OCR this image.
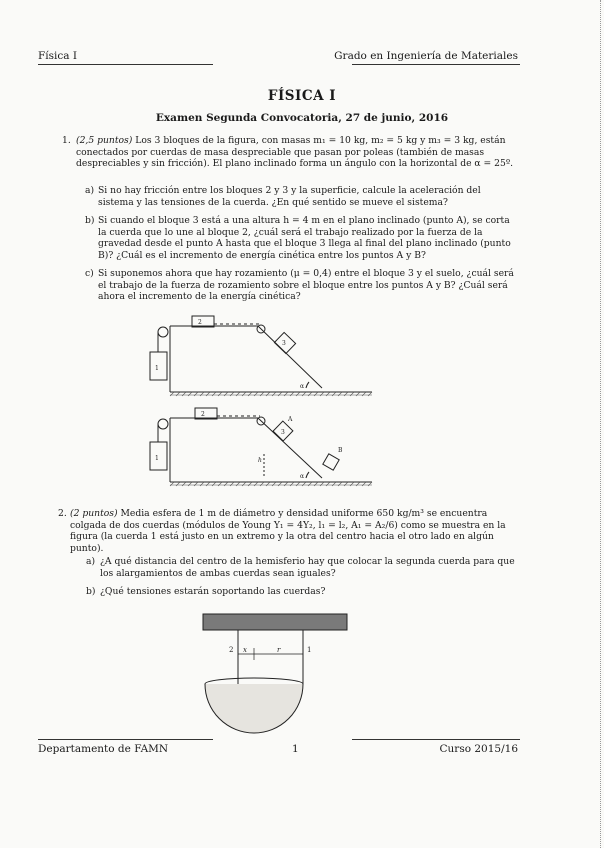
Física I	Grado en Ingeniería de Materiales
FÍSICA I
Examen Segunda Convocatoria, 27 de junio, 2016
1. (2,5 puntos) Los 3 bloques de la figura, con masas m₁ = 10 kg, m₂ = 5 kg y m₃ = 3 kg, están conectados por cuerdas de masa despreciable que pasan por poleas (también de masas despreciables y sin fricción). El plano inclinado forma un ángulo con la horizontal de α = 25º.
a) Si no hay fricción entre los bloques 2 y 3 y la superficie, calcule la aceleración del sistema y las tensiones de la cuerda. ¿En qué sentido se mueve el sistema?
b) Si cuando el bloque 3 está a una altura h = 4 m en el plano inclinado (punto A), se corta la cuerda que lo une al bloque 2, ¿cuál será el trabajo realizado por la fuerza de la gravedad desde el punto A hasta que el bloque 3 llega al final del plano inclinado (punto B)? ¿Cuál es el incremento de energía cinética entre los puntos A y B?
c) Si suponemos ahora que hay rozamiento (μ = 0,4) entre el bloque 3 y el suelo, ¿cuál será el trabajo de la fuerza de rozamiento sobre el bloque entre los puntos A y B? ¿Cuál será ahora el incremento de la energía cinética?
1
2
3
α
1
2
3
A
B
h
α
2. (2 puntos) Media esfera de 1 m de diámetro y densidad uniforme 650 kg/m³ se encuentra colgada de dos cuerdas (módulos de Young Y₁ = 4Y₂, l₁ = l₂, A₁ = A₂/6) como se muestra en la figura (la cuerda 1 está justo en un extremo y la otra del centro hacia el otro lado en algún punto).
a) ¿A qué distancia del centro de la hemisferio hay que colocar la segunda cuerda para que los alargamientos de ambas cuerdas sean iguales?
b) ¿Qué tensiones estarán soportando las cuerdas?
2	1
x	r
Departamento de FAMN	1	Curso 2015/16
